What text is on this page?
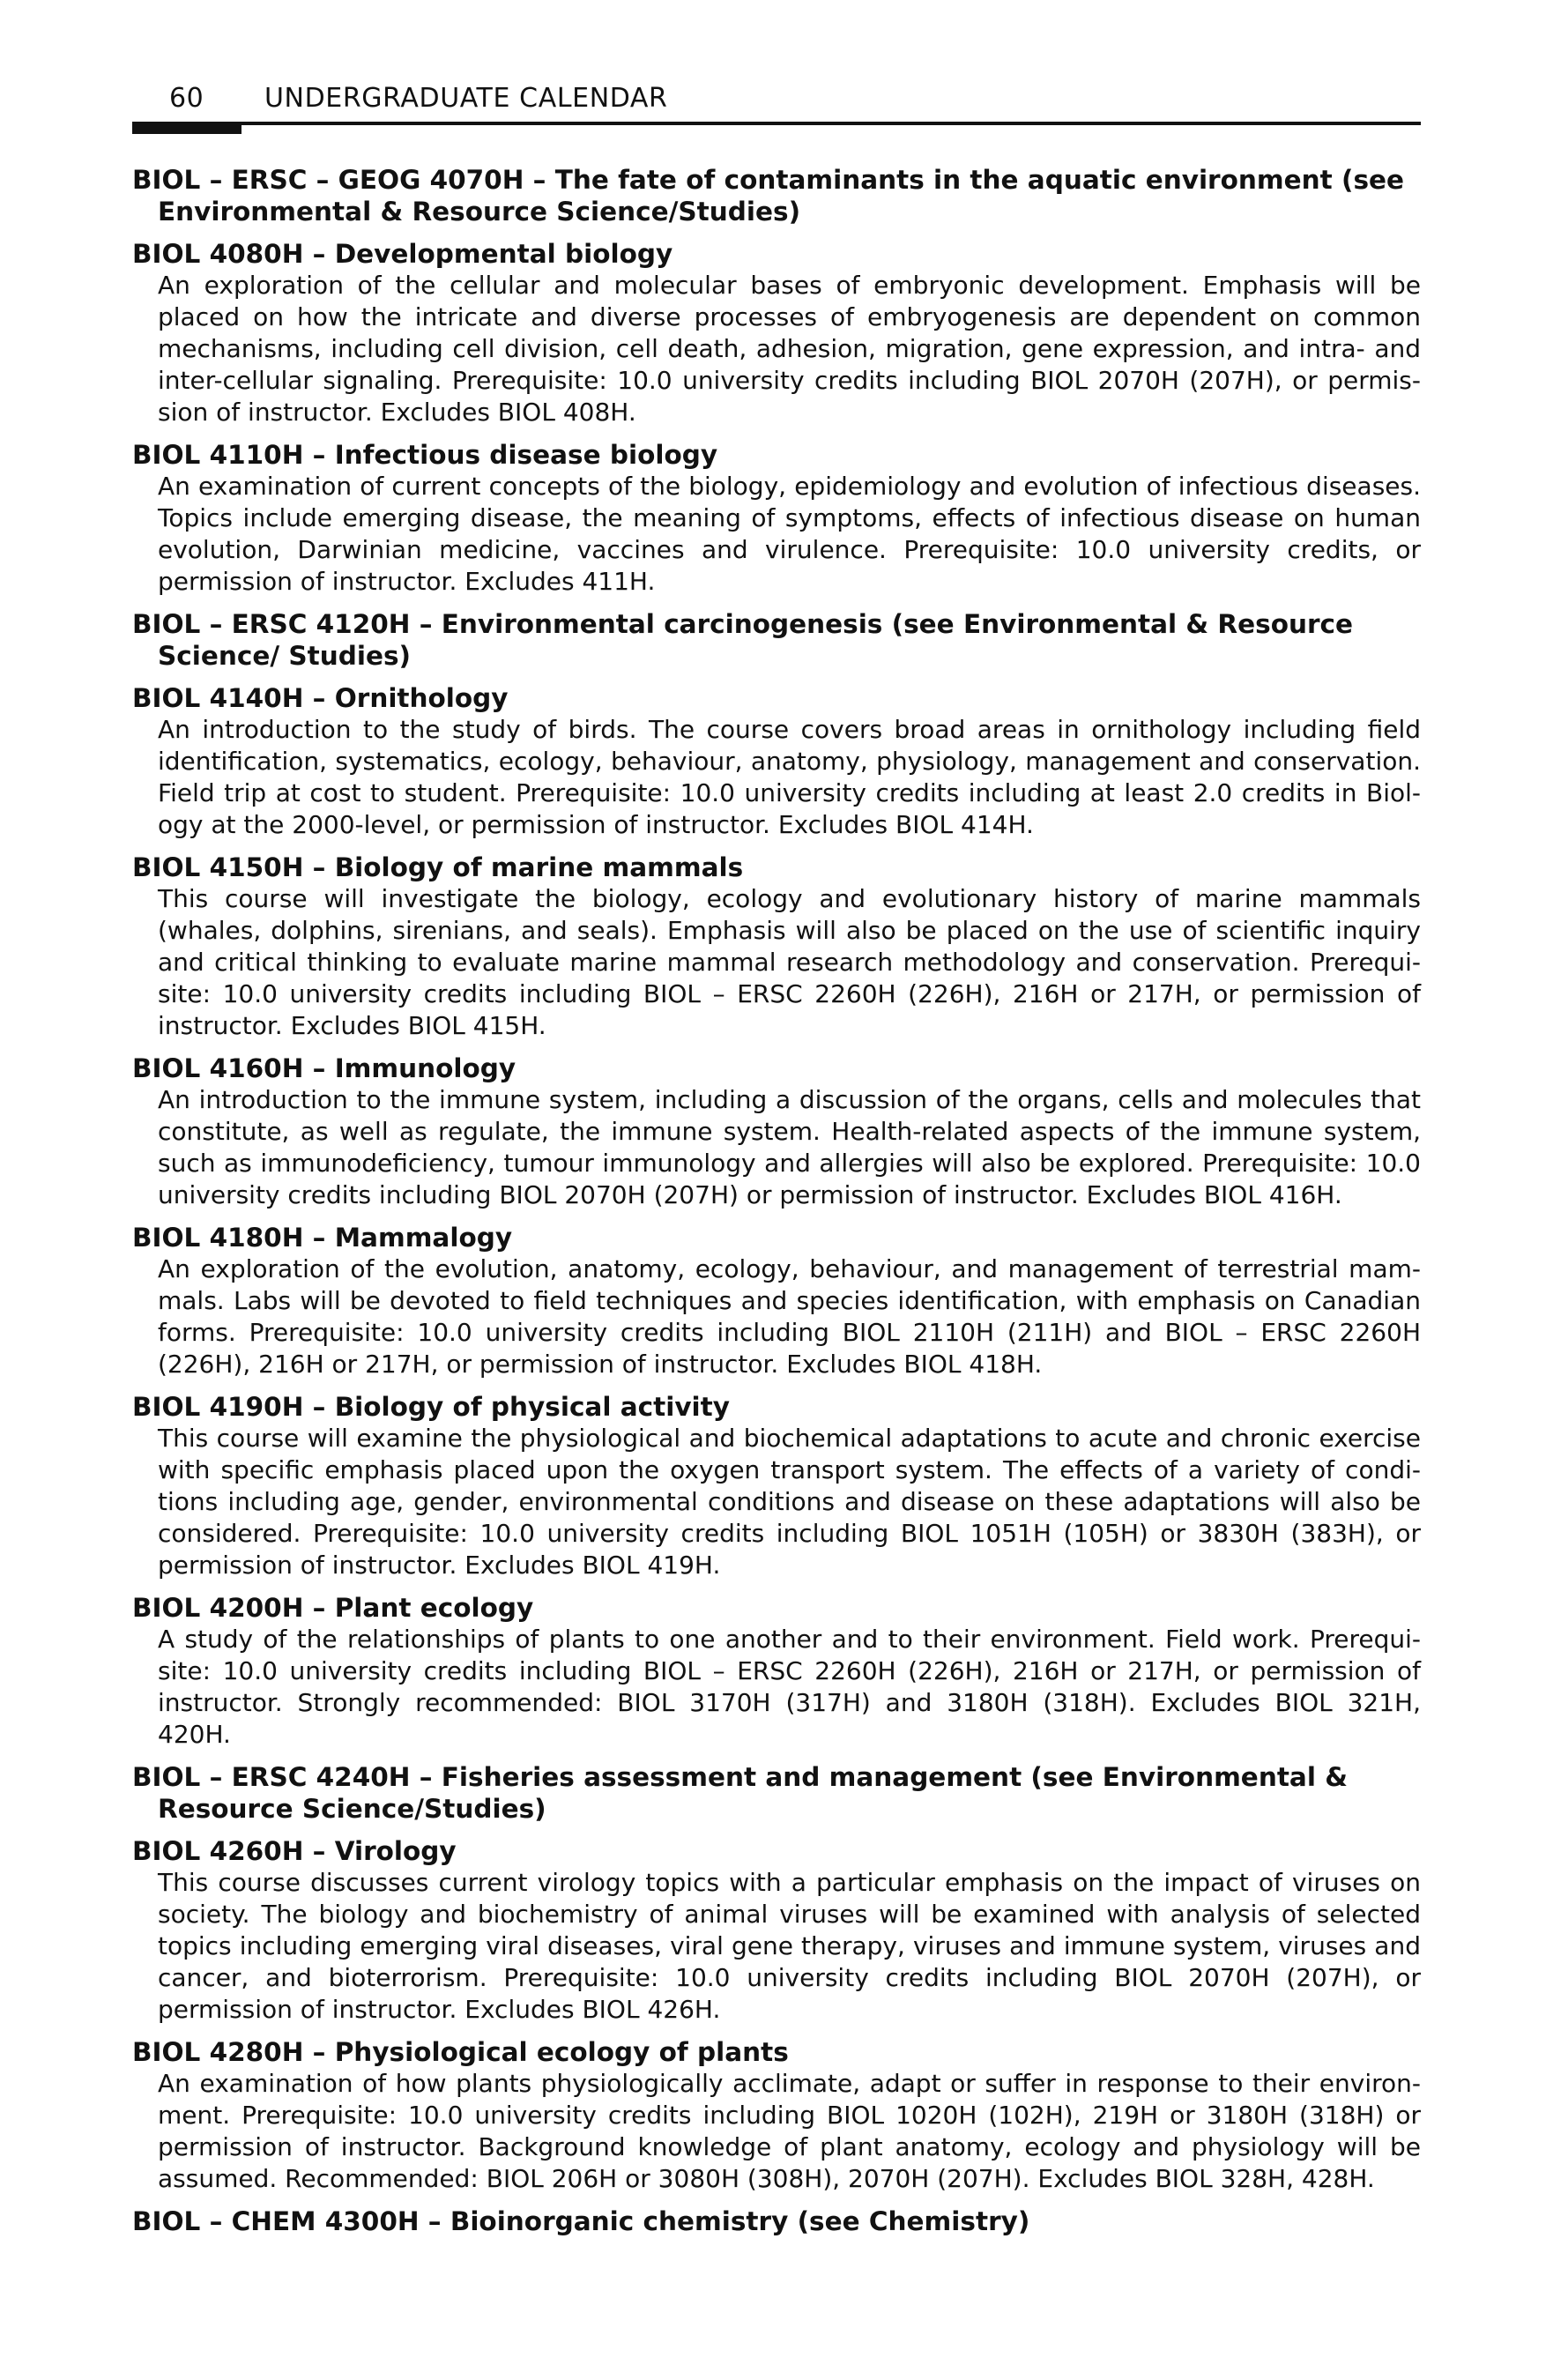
60 UNDERGRADUATE CALENDAR
BIOL – ERSC – GEOG 4070H – The fate of contaminants in the aquatic environment (see Environmental & Resource Science/Studies)
BIOL 4080H – Developmental biology
An exploration of the cellular and molecular bases of embryonic development. Emphasis will be placed on how the intricate and diverse processes of embryogenesis are dependent on common mechanisms, including cell division, cell death, adhesion, migration, gene expression, and intra- and inter-cellular signaling. Prerequisite: 10.0 university credits including BIOL 2070H (207H), or permission of instructor. Excludes BIOL 408H.
BIOL 4110H – Infectious disease biology
An examination of current concepts of the biology, epidemiology and evolution of infectious diseases. Topics include emerging disease, the meaning of symptoms, effects of infectious disease on human evolution, Darwinian medicine, vaccines and virulence. Prerequisite: 10.0 university credits, or permission of instructor. Excludes 411H.
BIOL – ERSC 4120H – Environmental carcinogenesis (see Environmental & Resource Science/ Studies)
BIOL 4140H – Ornithology
An introduction to the study of birds. The course covers broad areas in ornithology including field identification, systematics, ecology, behaviour, anatomy, physiology, management and conservation. Field trip at cost to student. Prerequisite: 10.0 university credits including at least 2.0 credits in Biology at the 2000-level, or permission of instructor. Excludes BIOL 414H.
BIOL 4150H – Biology of marine mammals
This course will investigate the biology, ecology and evolutionary history of marine mammals (whales, dolphins, sirenians, and seals). Emphasis will also be placed on the use of scientific inquiry and critical thinking to evaluate marine mammal research methodology and conservation. Prerequisite: 10.0 university credits including BIOL – ERSC 2260H (226H), 216H or 217H, or permission of instructor. Excludes BIOL 415H.
BIOL 4160H – Immunology
An introduction to the immune system, including a discussion of the organs, cells and molecules that constitute, as well as regulate, the immune system. Health-related aspects of the immune system, such as immunodeficiency, tumour immunology and allergies will also be explored. Prerequisite: 10.0 university credits including BIOL 2070H (207H) or permission of instructor. Excludes BIOL 416H.
BIOL 4180H – Mammalogy
An exploration of the evolution, anatomy, ecology, behaviour, and management of terrestrial mammals. Labs will be devoted to field techniques and species identification, with emphasis on Canadian forms. Prerequisite: 10.0 university credits including BIOL 2110H (211H) and BIOL – ERSC 2260H (226H), 216H or 217H, or permission of instructor. Excludes BIOL 418H.
BIOL 4190H – Biology of physical activity
This course will examine the physiological and biochemical adaptations to acute and chronic exercise with specific emphasis placed upon the oxygen transport system. The effects of a variety of conditions including age, gender, environmental conditions and disease on these adaptations will also be considered. Prerequisite: 10.0 university credits including BIOL 1051H (105H) or 3830H (383H), or permission of instructor. Excludes BIOL 419H.
BIOL 4200H – Plant ecology
A study of the relationships of plants to one another and to their environment. Field work. Prerequisite: 10.0 university credits including BIOL – ERSC 2260H (226H), 216H or 217H, or permission of instructor. Strongly recommended: BIOL 3170H (317H) and 3180H (318H). Excludes BIOL 321H, 420H.
BIOL – ERSC 4240H – Fisheries assessment and management (see Environmental & Resource Science/Studies)
BIOL 4260H – Virology
This course discusses current virology topics with a particular emphasis on the impact of viruses on society. The biology and biochemistry of animal viruses will be examined with analysis of selected topics including emerging viral diseases, viral gene therapy, viruses and immune system, viruses and cancer, and bioterrorism. Prerequisite: 10.0 university credits including BIOL 2070H (207H), or permission of instructor. Excludes BIOL 426H.
BIOL 4280H – Physiological ecology of plants
An examination of how plants physiologically acclimate, adapt or suffer in response to their environment. Prerequisite: 10.0 university credits including BIOL 1020H (102H), 219H or 3180H (318H) or permission of instructor. Background knowledge of plant anatomy, ecology and physiology will be assumed. Recommended: BIOL 206H or 3080H (308H), 2070H (207H). Excludes BIOL 328H, 428H.
BIOL – CHEM 4300H – Bioinorganic chemistry (see Chemistry)
